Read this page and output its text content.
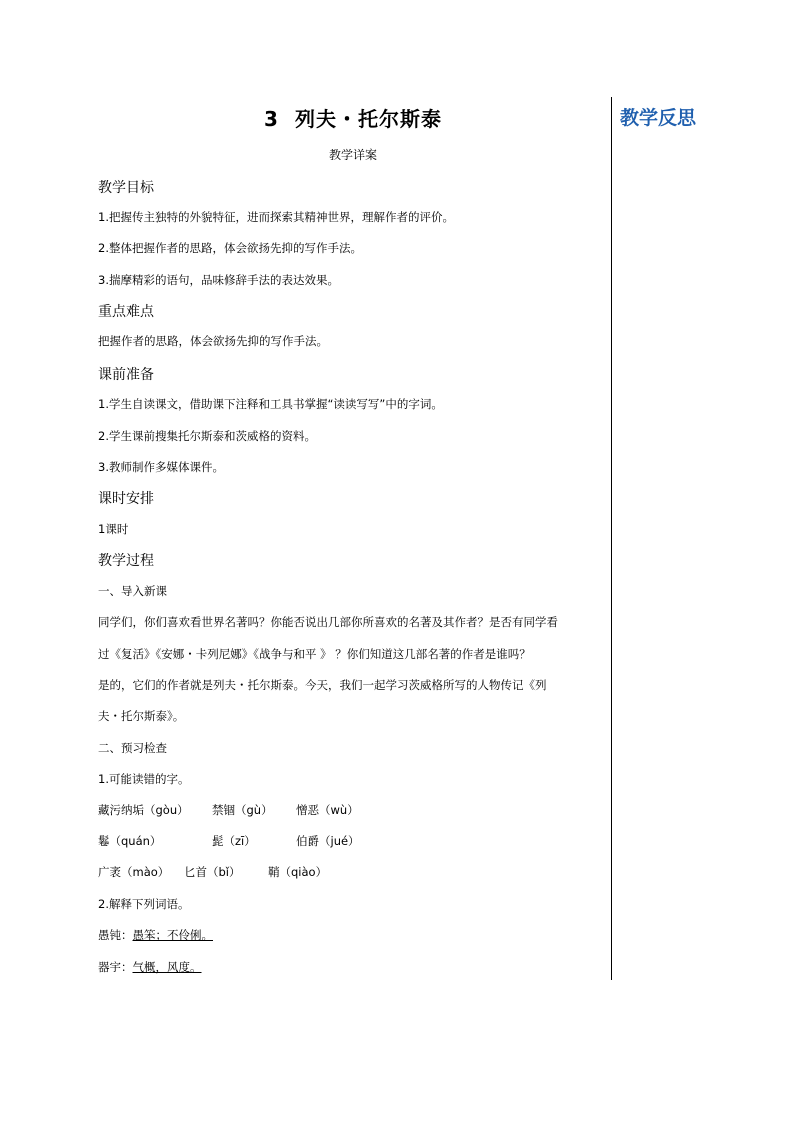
教学反思
3 列夫・托尔斯泰
教学详案
教学目标
1.把握传主独特的外貌特征，进而探索其精神世界，理解作者的评价。
2.整体把握作者的思路，体会欲扬先抑的写作手法。
3.揣摩精彩的语句，品味修辞手法的表达效果。
重点难点
把握作者的思路，体会欲扬先抑的写作手法。
课前准备
1.学生自读课文，借助课下注释和工具书掌握“读读写写”中的字词。
2.学生课前搜集托尔斯泰和茨威格的资料。
3.教师制作多媒体课件。
课时安排
1课时
教学过程
一、导入新课
同学们，你们喜欢看世界名著吗？你能否说出几部你所喜欢的名著及其作者？是否有同学看
过《复活》《安娜・卡列尼娜》《战争与和平 》 ？你们知道这几部名著的作者是谁吗？
是的，它们的作者就是列夫・托尔斯泰。今天，我们一起学习茨威格所写的人物传记《列
夫・托尔斯泰》。
二、预习检查
1.可能读错的字。
藏污纳垢（gòu） 禁锢（gù） 憎恶（wù）
鬈（quán）	髭（zī）	伯爵（jué）
广袤（mào） 匕首（bǐ） 鞘（qiào）
2.解释下列词语。
愚钝：愚笨；不伶俐。
器宇：气概，风度。
